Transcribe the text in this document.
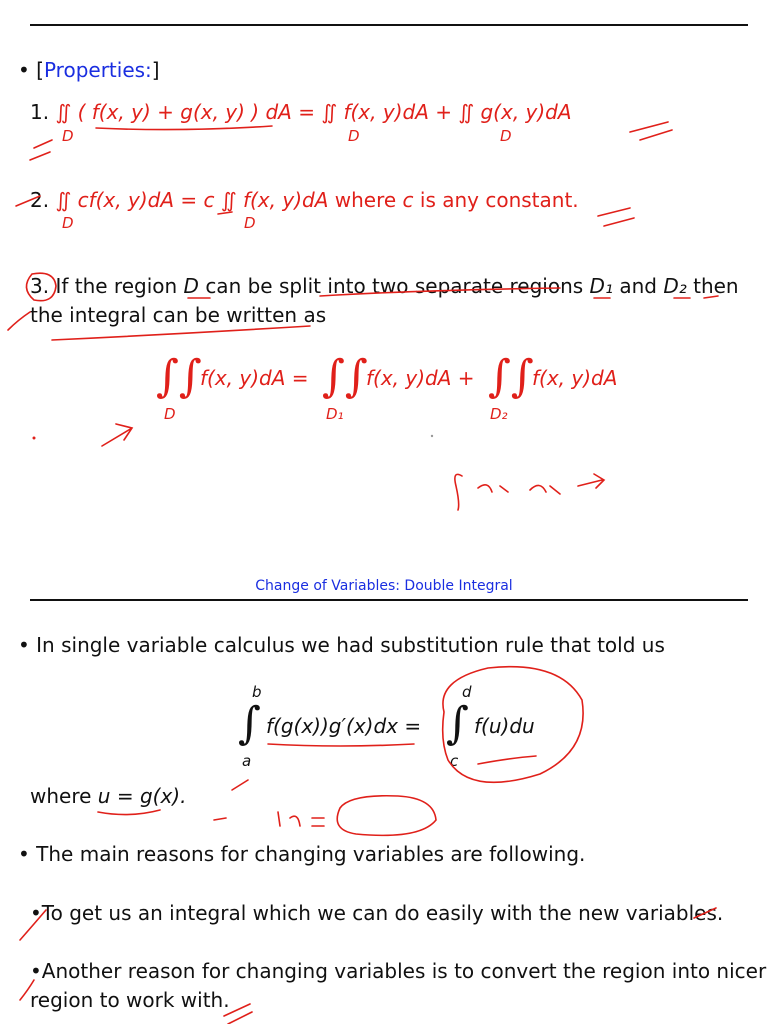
• [Properties:]
1. ∬ ( f(x, y) + g(x, y) ) dA = ∬ f(x, y)dA + ∬ g(x, y)dA
D	D	D
2. ∬ cf(x, y)dA = c ∬ f(x, y)dA where c is any constant.
D	D
3. If the region D can be split into two separate regions D₁ and D₂ then
the integral can be written as
∫∫
f(x, y)dA = ∫∫
f(x, y)dA + ∫∫
f(x, y)dA
D	D₁	D₂
Change of Variables: Double Integral
• In single variable calculus we had substitution rule that told us
b
∫
a
f(g(x))g′(x)dx =
d
∫
c
f(u)du
where u = g(x).
• The main reasons for changing variables are following.
•To get us an integral which we can do easily with the new variables.
•Another reason for changing variables is to convert the region into nicer
region to work with.
